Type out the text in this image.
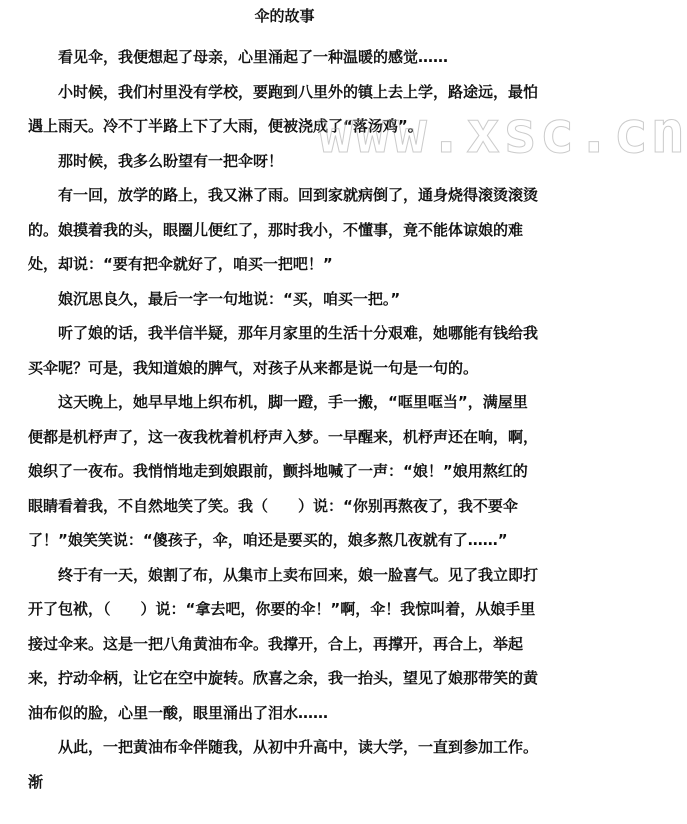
伞的故事

看见伞，我便想起了母亲，心里涌起了一种温暖的感觉……

小时候，我们村里没有学校，要跑到八里外的镇上去上学，路途远，最怕遇上雨天。冷不丁半路上下了大雨，便被浇成了“落汤鸡”。

那时候，我多么盼望有一把伞呀！

有一回，放学的路上，我又淋了雨。回到家就病倒了，通身烧得滚烫滚烫的。娘摸着我的头，眼圈儿便红了，那时我小，不懂事，竟不能体谅娘的难处，却说：“要有把伞就好了，咱买一把吧！”

娘沉思良久，最后一字一句地说：“买，咱买一把。”

听了娘的话，我半信半疑，那年月家里的生活十分艰难，她哪能有钱给我买伞呢？可是，我知道娘的脾气，对孩子从来都是说一句是一句的。

这天晚上，她早早地上织布机，脚一蹬，手一搬，“哐里哐当”，满屋里便都是机杼声了，这一夜我枕着机杼声入梦。一早醒来，机杼声还在响，啊，娘织了一夜布。我悄悄地走到娘跟前，颤抖地喊了一声：“娘！”娘用熬红的眼睛看着我，不自然地笑了笑。我（　　）说：“你别再熬夜了，我不要伞了！”娘笑笑说：“傻孩子，伞，咱还是要买的，娘多熬几夜就有了……”

终于有一天，娘割了布，从集市上卖布回来，娘一脸喜气。见了我立即打开了包袱，（　　）说：“拿去吧，你要的伞！”啊，伞！我惊叫着，从娘手里接过伞来。这是一把八角黄油布伞。我撑开，合上，再撑开，再合上，举起来，拧动伞柄，让它在空中旋转。欣喜之余，我一抬头，望见了娘那带笑的黄油布似的脸，心里一酸，眼里涌出了泪水……

从此，一把黄油布伞伴随我，从初中升高中，读大学，一直到参加工作。渐

www.xsc.cn
